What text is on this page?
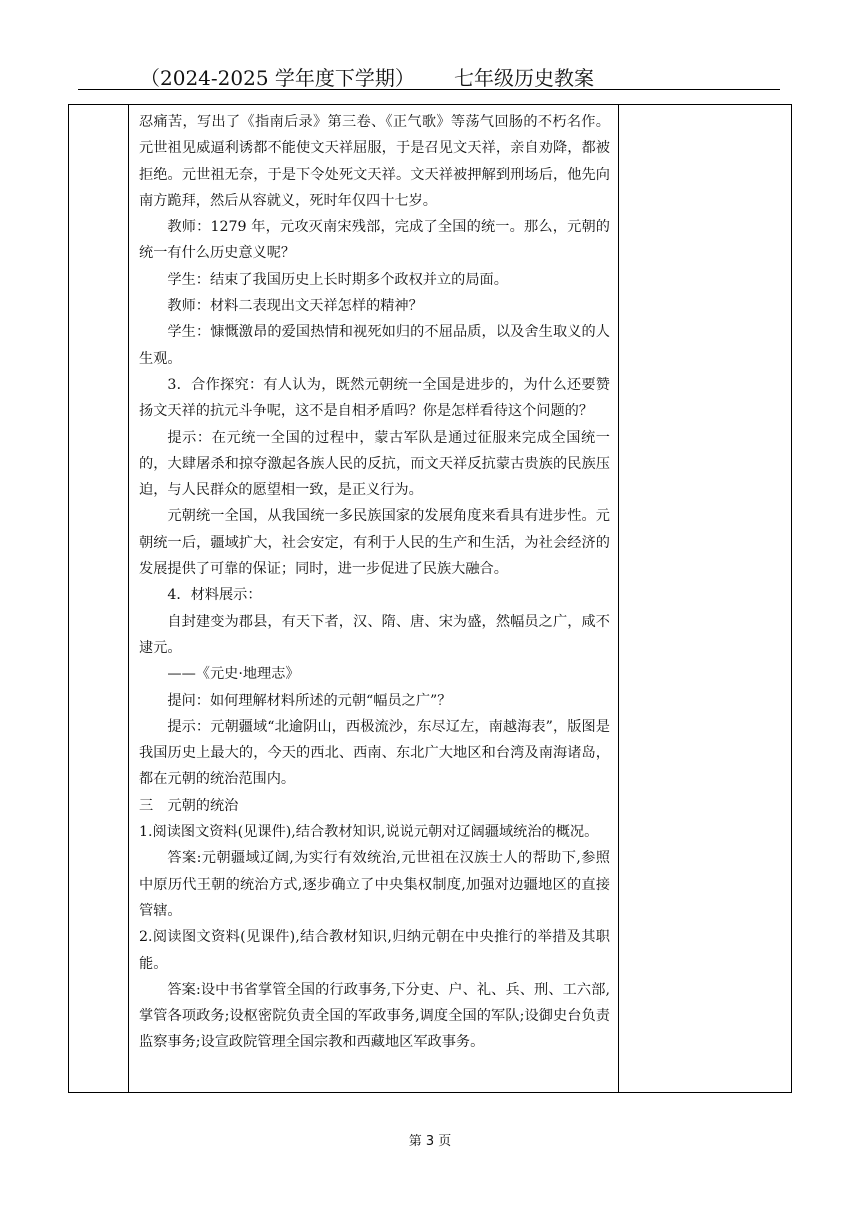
（2024-2025 学年度下学期） 七年级历史教案

忍痛苦，写出了《指南后录》第三卷、《正气歌》等荡气回肠的不朽名作。元世祖见威逼利诱都不能使文天祥屈服，于是召见文天祥，亲自劝降，都被拒绝。元世祖无奈，于是下令处死文天祥。文天祥被押解到刑场后，他先向南方跪拜，然后从容就义，死时年仅四十七岁。

教师：1279 年，元攻灭南宋残部，完成了全国的统一。那么，元朝的统一有什么历史意义呢？

学生：结束了我国历史上长时期多个政权并立的局面。

教师：材料二表现出文天祥怎样的精神？

学生：慷慨激昂的爱国热情和视死如归的不屈品质，以及舍生取义的人生观。

3．合作探究：有人认为，既然元朝统一全国是进步的，为什么还要赞扬文天祥的抗元斗争呢，这不是自相矛盾吗？你是怎样看待这个问题的？

提示：在元统一全国的过程中，蒙古军队是通过征服来完成全国统一的，大肆屠杀和掠夺激起各族人民的反抗，而文天祥反抗蒙古贵族的民族压迫，与人民群众的愿望相一致，是正义行为。

元朝统一全国，从我国统一多民族国家的发展角度来看具有进步性。元朝统一后，疆域扩大，社会安定，有利于人民的生产和生活，为社会经济的发展提供了可靠的保证；同时，进一步促进了民族大融合。

4．材料展示：

自封建变为郡县，有天下者，汉、隋、唐、宋为盛，然幅员之广，咸不逮元。

——《元史·地理志》

提问：如何理解材料所述的元朝“幅员之广”？

提示：元朝疆域“北逾阴山，西极流沙，东尽辽左，南越海表”，版图是我国历史上最大的，今天的西北、西南、东北广大地区和台湾及南海诸岛，都在元朝的统治范围内。

三　元朝的统治

1.阅读图文资料(见课件),结合教材知识,说说元朝对辽阔疆域统治的概况。

答案:元朝疆域辽阔,为实行有效统治,元世祖在汉族士人的帮助下,参照中原历代王朝的统治方式,逐步确立了中央集权制度,加强对边疆地区的直接管辖。

2.阅读图文资料(见课件),结合教材知识,归纳元朝在中央推行的举措及其职能。

答案:设中书省掌管全国的行政事务,下分吏、户、礼、兵、刑、工六部,掌管各项政务;设枢密院负责全国的军政事务,调度全国的军队;设御史台负责监察事务;设宣政院管理全国宗教和西藏地区军政事务。

第 3 页
